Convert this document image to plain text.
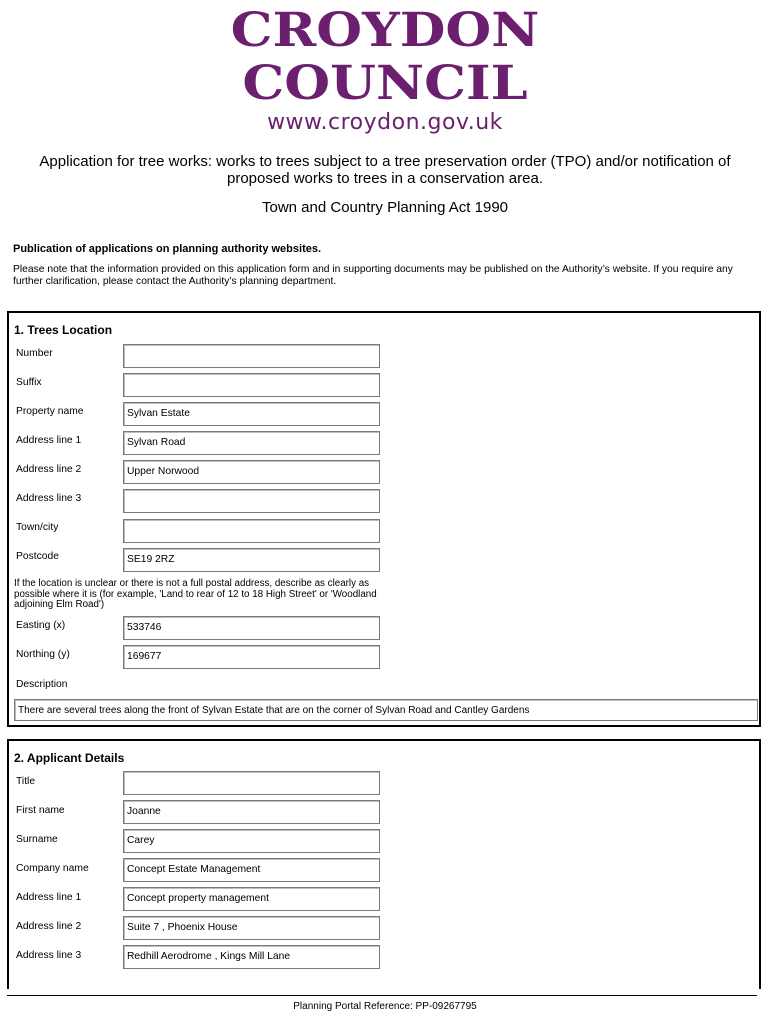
CROYDON
COUNCIL
www.croydon.gov.uk
Application for tree works: works to trees subject to a tree preservation order (TPO) and/or notification of proposed works to trees in a conservation area.
Town and Country Planning Act 1990
Publication of applications on planning authority websites.
Please note that the information provided on this application form and in supporting documents may be published on the Authority’s website. If you require any further clarification, please contact the Authority’s planning department.
1. Trees Location
Number
Suffix
Property name	Sylvan Estate
Address line 1	Sylvan Road
Address line 2	Upper Norwood
Address line 3
Town/city
Postcode	SE19 2RZ
If the location is unclear or there is not a full postal address, describe as clearly as possible where it is (for example, 'Land to rear of 12 to 18 High Street' or 'Woodland adjoining Elm Road')
Easting (x)	533746
Northing (y)	169677
Description
There are several trees along the front of Sylvan Estate that are on the corner of Sylvan Road and Cantley Gardens
2. Applicant Details
Title
First name	Joanne
Surname	Carey
Company name	Concept Estate Management
Address line 1	Concept property management
Address line 2	Suite 7 , Phoenix House
Address line 3	Redhill Aerodrome , Kings Mill Lane
Planning Portal Reference: PP-09267795
